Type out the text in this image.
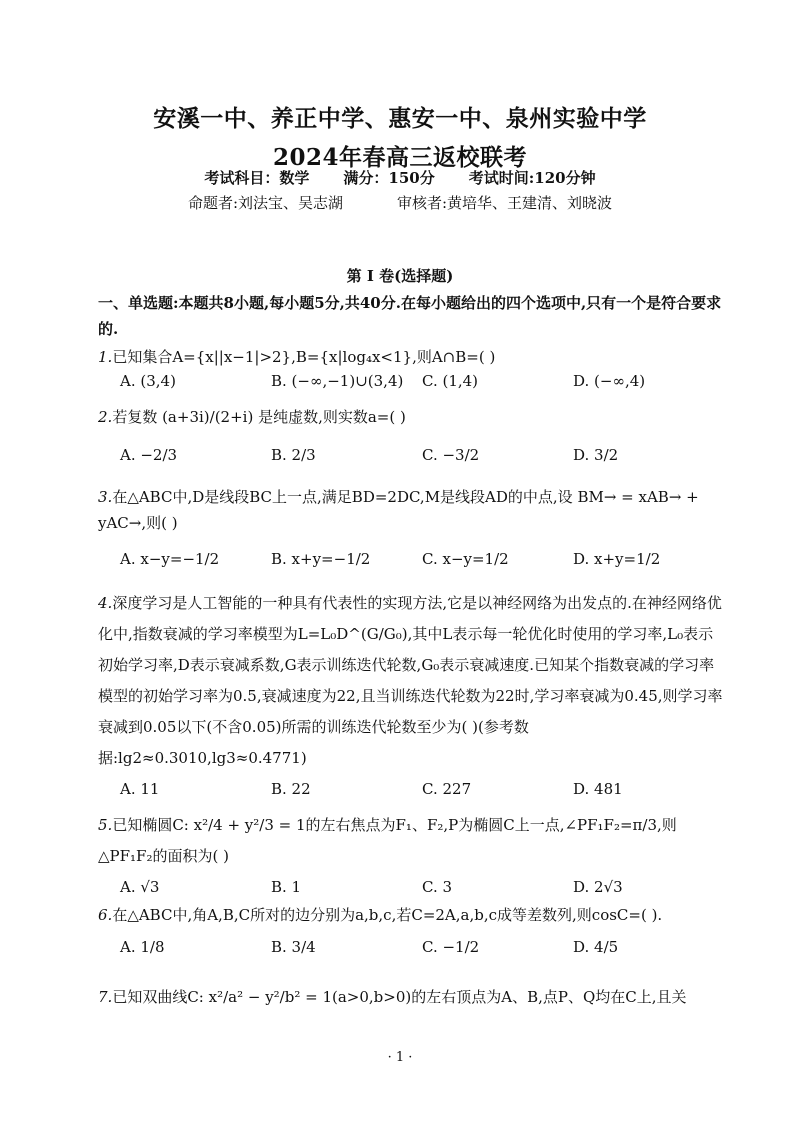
安溪一中、养正中学、惠安一中、泉州实验中学
2024年春高三返校联考
考试科目：数学 满分：150分 考试时间:120分钟
命题者:刘法宝、吴志湖	审核者:黄培华、王建清、刘晓波
第 I 卷(选择题)
一、单选题:本题共8小题,每小题5分,共40分.在每小题给出的四个选项中,只有一个是符合要求的.
1.已知集合A={x||x−1|>2},B={x|log₄x<1},则A∩B=( )
A. (3,4)	B. (−∞,−1)∪(3,4)	C. (1,4)	D. (−∞,4)
2.若复数 (a+3i)/(2+i) 是纯虚数,则实数a=( )
A. −2/3	B. 2/3	C. −3/2	D. 3/2
3.在△ABC中,D是线段BC上一点,满足BD=2DC,M是线段AD的中点,设 BM→ = xAB→ + yAC→,则( )
A. x−y=−1/2	B. x+y=−1/2	C. x−y=1/2	D. x+y=1/2
4.深度学习是人工智能的一种具有代表性的实现方法,它是以神经网络为出发点的.在神经网络优化中,指数衰减的学习率模型为L=L₀D^(G/G₀),其中L表示每一轮优化时使用的学习率,L₀表示初始学习率,D表示衰减系数,G表示训练迭代轮数,G₀表示衰减速度.已知某个指数衰减的学习率模型的初始学习率为0.5,衰减速度为22,且当训练迭代轮数为22时,学习率衰减为0.45,则学习率衰减到0.05以下(不含0.05)所需的训练迭代轮数至少为( )(参考数据:lg2≈0.3010,lg3≈0.4771)
A. 11	B. 22	C. 227	D. 481
5.已知椭圆C: x²/4 + y²/3 = 1的左右焦点为F₁、F₂,P为椭圆C上一点,∠PF₁F₂=π/3,则△PF₁F₂的面积为( )
A. √3	B. 1	C. 3	D. 2√3
6.在△ABC中,角A,B,C所对的边分别为a,b,c,若C=2A,a,b,c成等差数列,则cosC=( ).
A. 1/8	B. 3/4	C. −1/2	D. 4/5
7.已知双曲线C: x²/a² − y²/b² = 1(a>0,b>0)的左右顶点为A、B,点P、Q均在C上,且关
· 1 ·
